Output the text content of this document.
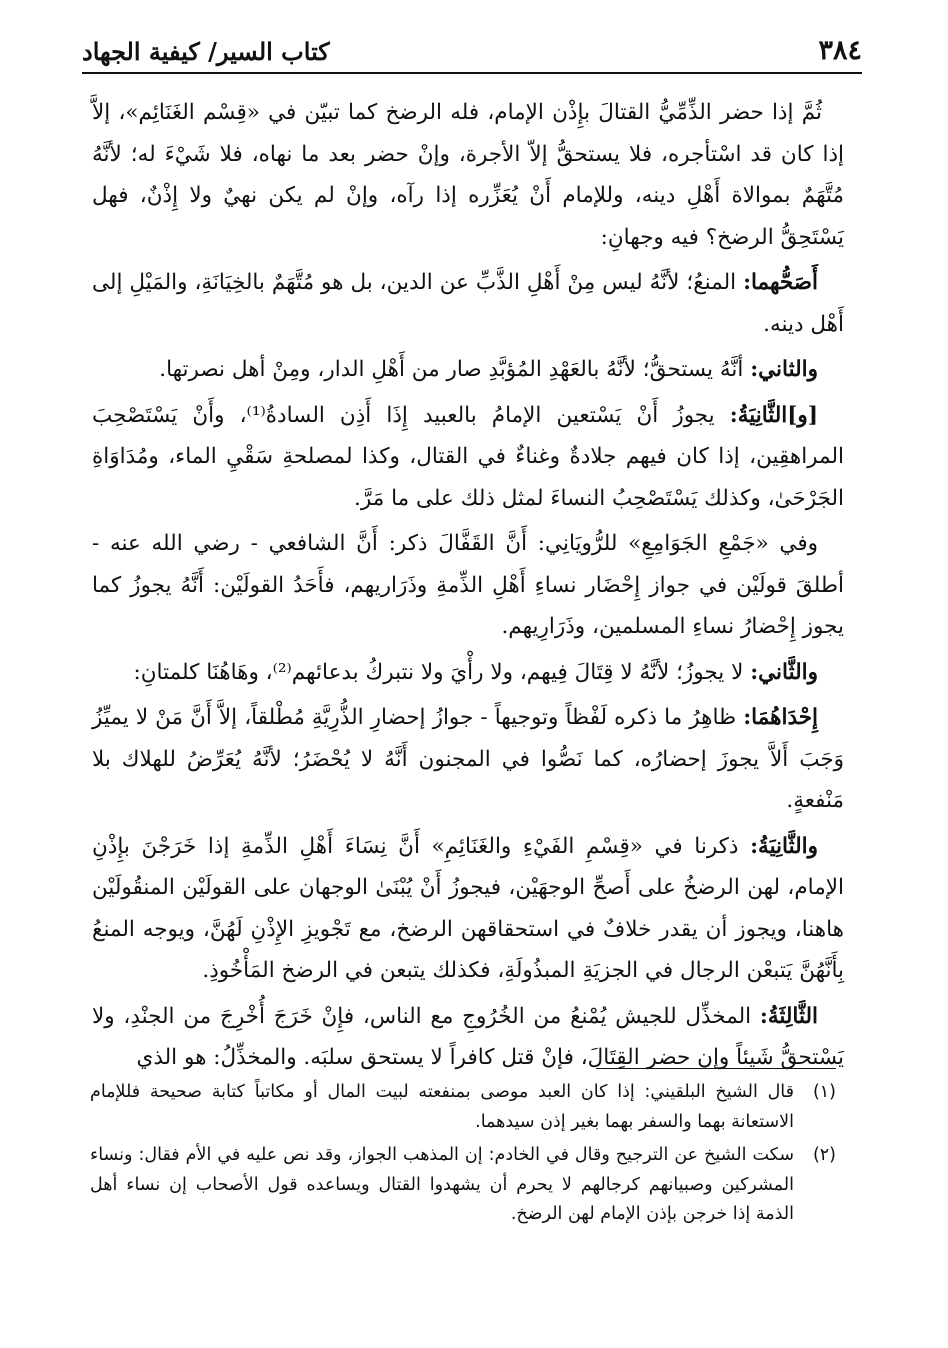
كتاب السير/ كيفية الجهاد	٣٨٤

ثُمَّ إذا حضر الذِّمِّيُّ القتالَ بإِذْن الإمام، فله الرضخ كما تبيّن في «قِسْم الغَنَائِم»، إلاَّ إذا كان قد اسْتأجره، فلا يستحقُّ إلاّ الأجرة، وإنْ حضر بعد ما نهاه، فلا شَيْءَ له؛ لأنَّهُ مُتَّهَمٌ بموالاة أَهْلِ دينه، وللإمام أَنْ يُعَزِّره إذا رآه، وإنْ لم يكن نهيٌ ولا إِذْنٌ، فهل يَسْتَحِقُّ الرضخ؟ فيه وجهانِ:

أَصَحُّهما: المنعُ؛ لأنَّهُ ليس مِنْ أَهْلِ الذَّبِّ عن الدين، بل هو مُتَّهَمٌ بالخِيَانَةِ، والمَيْلِ إلى أَهْل دينه.

والثاني: أنَّهُ يستحقُّ؛ لأنَّهُ بالعَهْدِ المُؤبَّدِ صار من أَهْلِ الدار، ومِنْ أهل نصرتها.

[و]الثَّانِيَةُ: يجوزُ أَنْ يَسْتعين الإمامُ بالعبيد إِذَا أَذِن السادةُ⁽¹⁾، وأَنْ يَسْتَصْحِبَ المراهقِين، إذا كان فيهم جلادةٌ وغناءٌ في القتال، وكذا لمصلحةِ سَقْيِ الماء، ومُدَاوَاةِ الجَرْحَىٰ، وكذلك يَسْتَصْحِبُ النساءَ لمثل ذلك على ما مَرَّ.

وفي «جَمْعِ الجَوَامِعِ» للرُّويَانِي: أَنَّ القَفَّالَ ذكر: أَنَّ الشافعي - رضي الله عنه - أطلقَ قولَيْن في جواز إِحْضَار نساءِ أَهْلِ الذِّمةِ وذَرَاريهم، فأَحَدُ القولَيْن: أَنَّهُ يجوزُ كما يجوز إِحْضارُ نساءِ المسلمين، وذَرَارِيهم.

والثَّاني: لا يجوزُ؛ لأنَّهُ لا قِتَالَ فِيهم، ولا رأْيَ ولا نتبركُ بدعائهم⁽²⁾، وهَاهُنَا كلمتانِ:

إِحْدَاهُمَا: ظاهِرُ ما ذكره لَفْظاً وتوجيهاً - جوازُ إحضارِ الذُّرِيَّةِ مُطْلقاً، إلاَّ أَنَّ مَنْ لا يميِّزُ وَجَبَ أَلاَّ يجوزَ إحضارُه، كما نَصُّوا في المجنون أَنَّهُ لا يُحْضَرُ؛ لأنَّهُ يُعَرِّضُ للهلاك بلا مَنْفعةٍ.

والثَّانِيَةُ: ذكرنا في «قِسْمِ الفَيْءِ والغَنَائِمِ» أَنَّ نِسَاءَ أَهْلِ الذِّمةِ إذا خَرَجْنَ بإِذْنِ الإمام، لهن الرضخُ على أَصحِّ الوجهَيْن، فيجوزُ أَنْ يُبْنَىٰ الوجهان على القولَيْن المنقُولَيْن هاهنا، ويجوز أن يقدر خلافٌ في استحقاقهن الرضخ، مع تَجْويزِ الإِذْنِ لَهُنَّ، ويوجه المنعُ بِأَنَّهُنَّ يَتبعْن الرجال في الجزيَةِ المبذُولَةِ، فكذلك يتبعن في الرضخ المَأْخُوذِ.

الثَّالِثَةُ: المخذِّل للجيش يُمْنعُ من الخُرُوجِ مع الناس، فإِنْ خَرَجَ أُخْرِجَ من الجنْدِ، ولا يَسْتحقُّ شَيئاً وإن حضر القِتَالَ، فإنْ قتل كافراً لا يستحق سلبَه. والمخذِّلُ: هو الذي

(١)
قال الشيخ البلقيني: إذا كان العبد موصى بمنفعته لبيت المال أو مكاتباً كتابة صحيحة فللإمام الاستعانة بهما والسفر بهما بغير إذن سيدهما.
(٢)
سكت الشيخ عن الترجيح وقال في الخادم: إن المذهب الجواز، وقد نص عليه في الأم فقال: ونساء المشركين وصبيانهم كرجالهم لا يحرم أن يشهدوا القتال ويساعده قول الأصحاب إن نساء أهل الذمة إذا خرجن بإذن الإمام لهن الرضخ.
